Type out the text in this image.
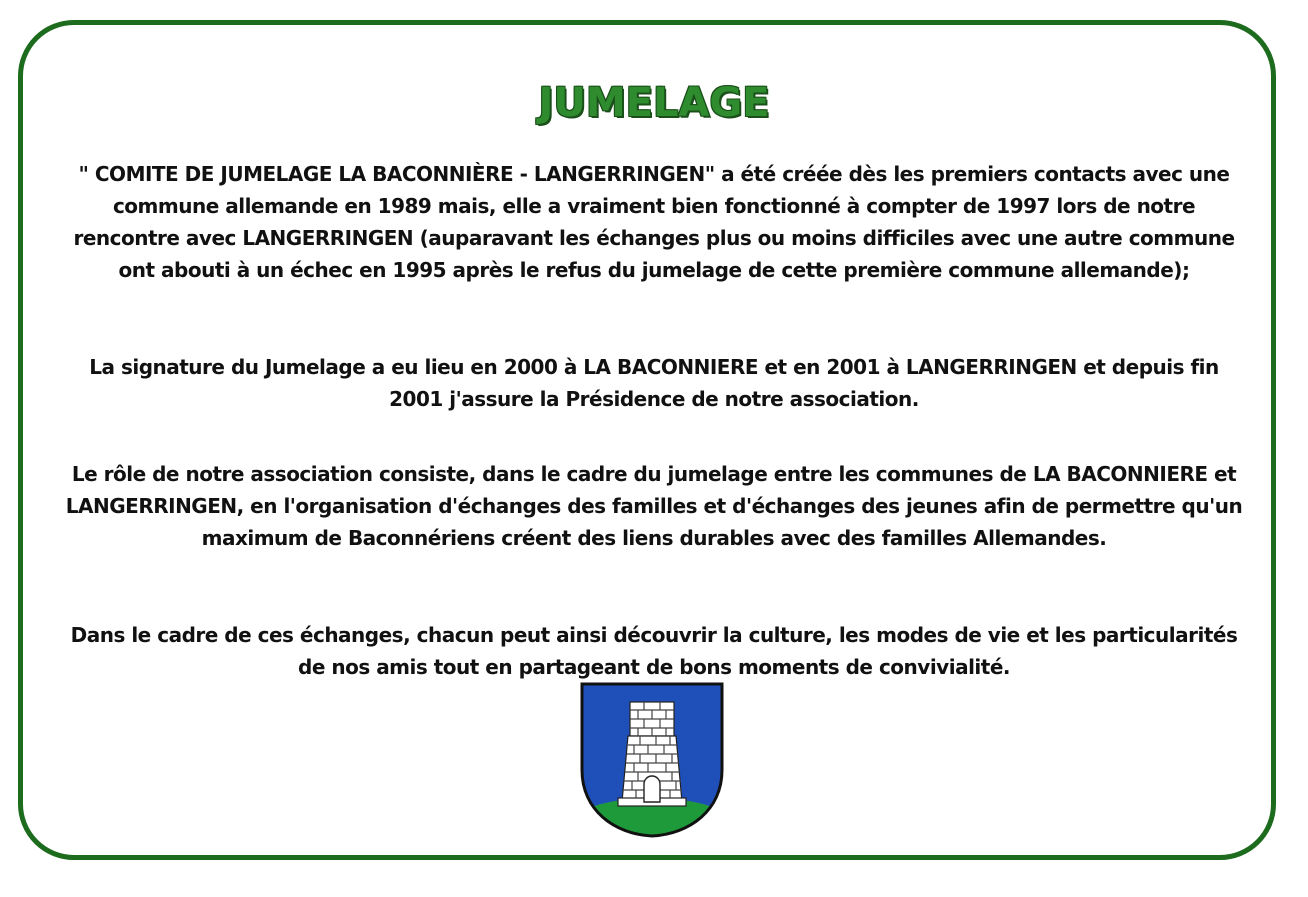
JUMELAGE

" COMITE DE JUMELAGE LA BACONNIÈRE - LANGERRINGEN" a été créée dès les premiers contacts avec une commune allemande en 1989 mais, elle a vraiment bien fonctionné à compter de 1997 lors de notre rencontre avec LANGERRINGEN (auparavant les échanges plus ou moins difficiles avec une autre commune ont abouti à un échec en 1995 après le refus du jumelage de cette première commune allemande);

La signature du Jumelage a eu lieu en 2000 à LA BACONNIERE et en 2001 à LANGERRINGEN et depuis fin 2001 j'assure la Présidence de notre association.

Le rôle de notre association consiste, dans le cadre du jumelage entre les communes de LA BACONNIERE et LANGERRINGEN, en l'organisation d'échanges des familles et d'échanges des jeunes afin de permettre qu'un maximum de Baconnériens créent des liens durables avec des familles Allemandes.

Dans le cadre de ces échanges, chacun peut ainsi découvrir la culture, les modes de vie et les particularités de nos amis tout en partageant de bons moments de convivialité.
